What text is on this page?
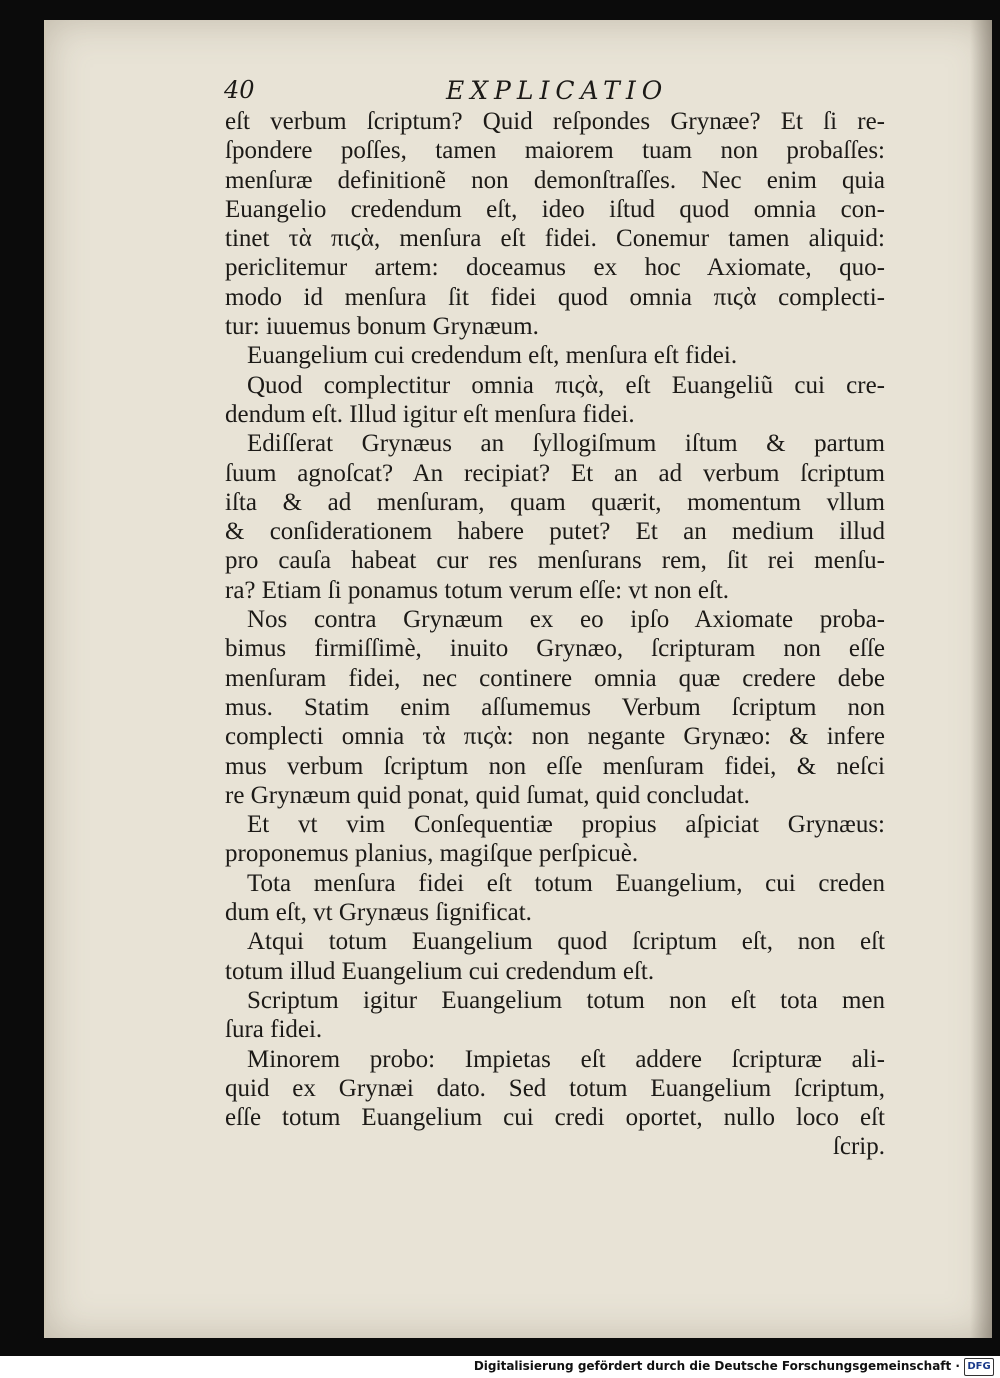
40	EXPLICATIO
eſt verbum ſcriptum? Quid reſpondes Grynæe? Et ſi re-
ſpondere poſſes, tamen maiorem tuam non probaſſes:
menſuræ definitionẽ non demonſtraſſes. Nec enim quia
Euangelio credendum eſt, ideo iſtud quod omnia con-
tinet τὰ πιϛὰ, menſura eſt fidei. Conemur tamen aliquid:
periclitemur artem: doceamus ex hoc Axiomate, quo-
modo id menſura ſit fidei quod omnia πιϛὰ complecti-
tur: iuuemus bonum Grynæum.
Euangelium cui credendum eſt, menſura eſt fidei.
Quod complectitur omnia πιϛὰ, eſt Euangeliũ cui cre-
dendum eſt. Illud igitur eſt menſura fidei.
Ediſſerat Grynæus an ſyllogiſmum iſtum & partum
ſuum agnoſcat? An recipiat? Et an ad verbum ſcriptum
iſta & ad menſuram, quam quærit, momentum vllum
& conſiderationem habere putet? Et an medium illud
pro cauſa habeat cur res menſurans rem, ſit rei menſu-
ra? Etiam ſi ponamus totum verum eſſe: vt non eſt.
Nos contra Grynæum ex eo ipſo Axiomate proba-
bimus firmiſſimè, inuito Grynæo, ſcripturam non eſſe
menſuram fidei, nec continere omnia quæ credere debe
mus. Statim enim aſſumemus Verbum ſcriptum non
complecti omnia τὰ πιϛὰ: non negante Grynæo: & infere
mus verbum ſcriptum non eſſe menſuram fidei, & neſci
re Grynæum quid ponat, quid ſumat, quid concludat.
Et vt vim Conſequentiæ propius aſpiciat Grynæus:
proponemus planius, magiſque perſpicuè.
Tota menſura fidei eſt totum Euangelium, cui creden
dum eſt, vt Grynæus ſignificat.
Atqui totum Euangelium quod ſcriptum eſt, non eſt
totum illud Euangelium cui credendum eſt.
Scriptum igitur Euangelium totum non eſt tota men
ſura fidei.
Minorem probo: Impietas eſt addere ſcripturæ ali-
quid ex Grynæi dato. Sed totum Euangelium ſcriptum,
eſſe totum Euangelium cui credi oportet, nullo loco eſt
ſcrip.
Digitalisierung gefördert durch die Deutsche Forschungsgemeinschaft · DFG
